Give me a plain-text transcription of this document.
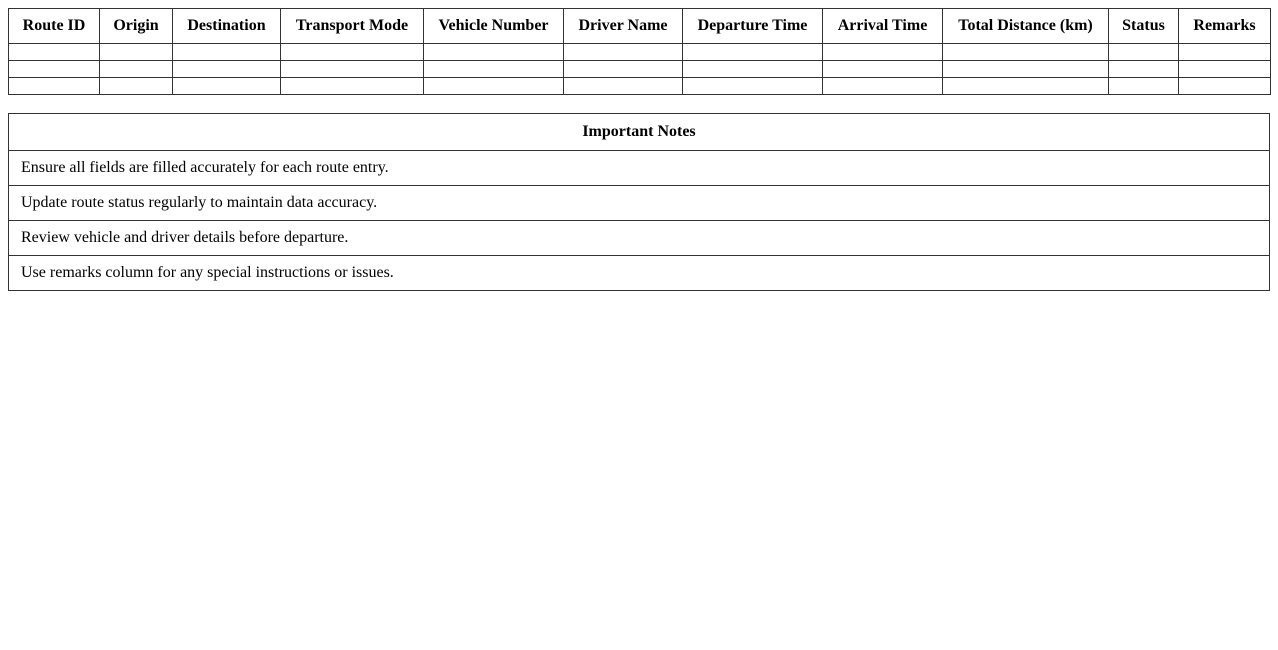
Route ID	Origin	Destination	Transport Mode	Vehicle Number	Driver Name	Departure Time	Arrival Time	Total Distance (km)	Status	Remarks

Important Notes
Ensure all fields are filled accurately for each route entry.
Update route status regularly to maintain data accuracy.
Review vehicle and driver details before departure.
Use remarks column for any special instructions or issues.
